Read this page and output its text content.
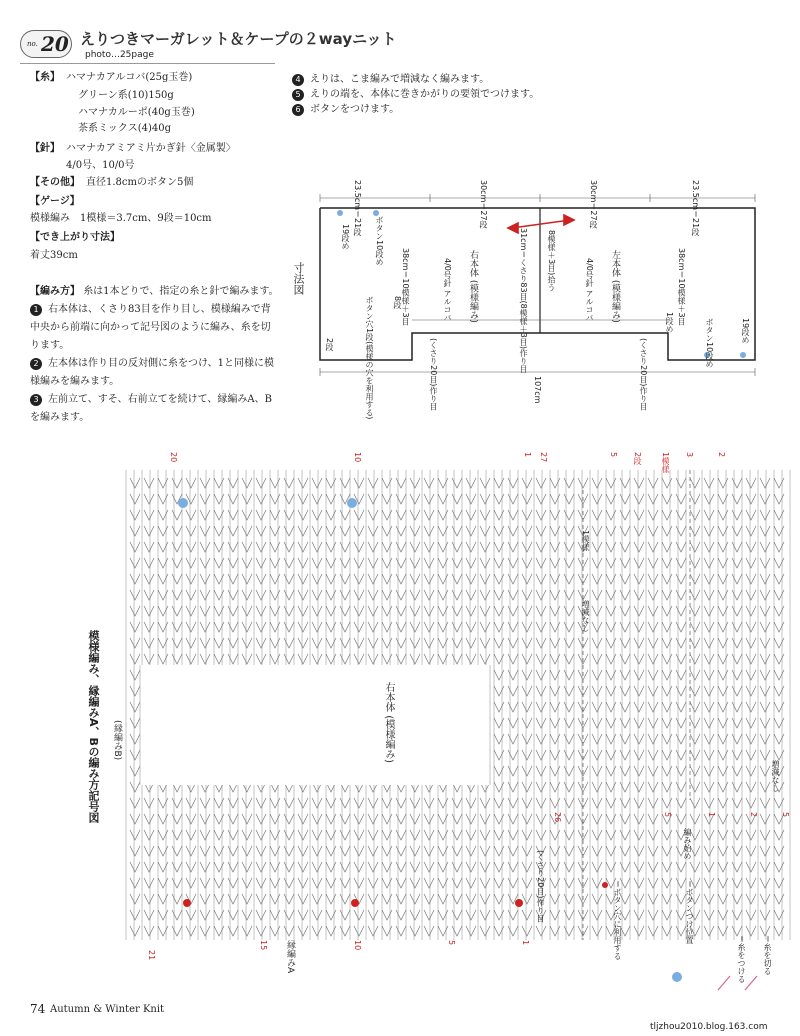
no. 20 えりつきマーガレット＆ケープの２wayニット
photo…25page
【糸】 ハマナカアルコバ(25g玉巻)
グリーン系(10)150g
ハマナカルーポ(40g玉巻)
茶系ミックス(4)40g
【針】 ハマナカアミアミ片かぎ針〈金属製〉
4/0号、10/0号
【その他】 直径1.8cmのボタン5個
【ゲージ】
模様編み　1模様＝3.7cm、9段＝10cm
【でき上がり寸法】
着丈39cm
【編み方】 糸は1本どりで、指定の糸と針で編みます。
1 右本体は、くさり83目を作り目し、模様編みで背中央から前端に向かって記号図のように編み、糸を切ります。
2 左本体は作り目の反対側に糸をつけ、1と同様に模様編みを編みます。
3 左前立て、すそ、右前立てを続けて、縁編みA、Bを編みます。
4 えりは、こま編みで増減なく編みます。
5 えりの端を、本体に巻きかがりの要領でつけます。
6 ボタンをつけます。
寸法図
23.5cm＝21段	30cm＝27段	30cm＝27段	23.5cm＝21段
右本体 (模様編み)
4/0号針 アルコバ
左本体 (模様編み)
4/0号針 アルコバ
31cm＝くさり83目(8模様＋3目)作り目 8模様＋3目)拾う
38cm＝10模様＋3目	38cm＝10模様＋3目
19段め	ボタン10段め
ボタン穴1段(模様の穴を利用する)
2段
8段
1段め	ボタン10段め	19段め
(くさり20目)作り目	(くさり20目)作り目
107cm
模様編み、縁編みA、Bの編み方記号図 (縁編みB)
右本体 (模様編み)
1模様
増減なし
増減なし
編み始め
(くさり20目)作り目
縁編みA
20	10	1 27	5 2段 1模様 3	2
21
15	10	5	1
26	5	1	2	5
＝ボタン穴に利用する	＝ボタンつけ位置
＝糸をつける ＝糸を切る
74 Autumn & Winter Knit
tljzhou2010.blog.163.com
